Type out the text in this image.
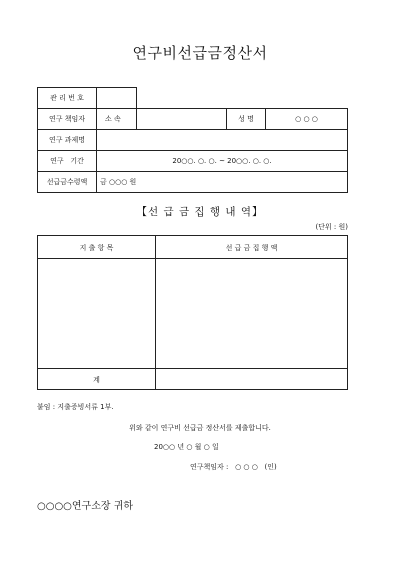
연구비선급금정산서
관 리 번 호				
연구 책임자	소 속		성 명	○ ○ ○
연구 과제명				
연구   기간	20○○. ○. ○. ~ 20○○. ○. ○.			
선급금수령액	금 ○○○ 원			
【선 급 금 집 행 내 역】
(단위 : 원)
지 출 항 목	선 급 금 집 행 액
계
붙임 : 지출증빙서류 1부.
위와 같이 연구비 선급금 정산서를 제출합니다.
20○○ 년 ○ 월 ○ 일
연구책임자 :   ○ ○ ○   (인)
○○○○연구소장 귀하
